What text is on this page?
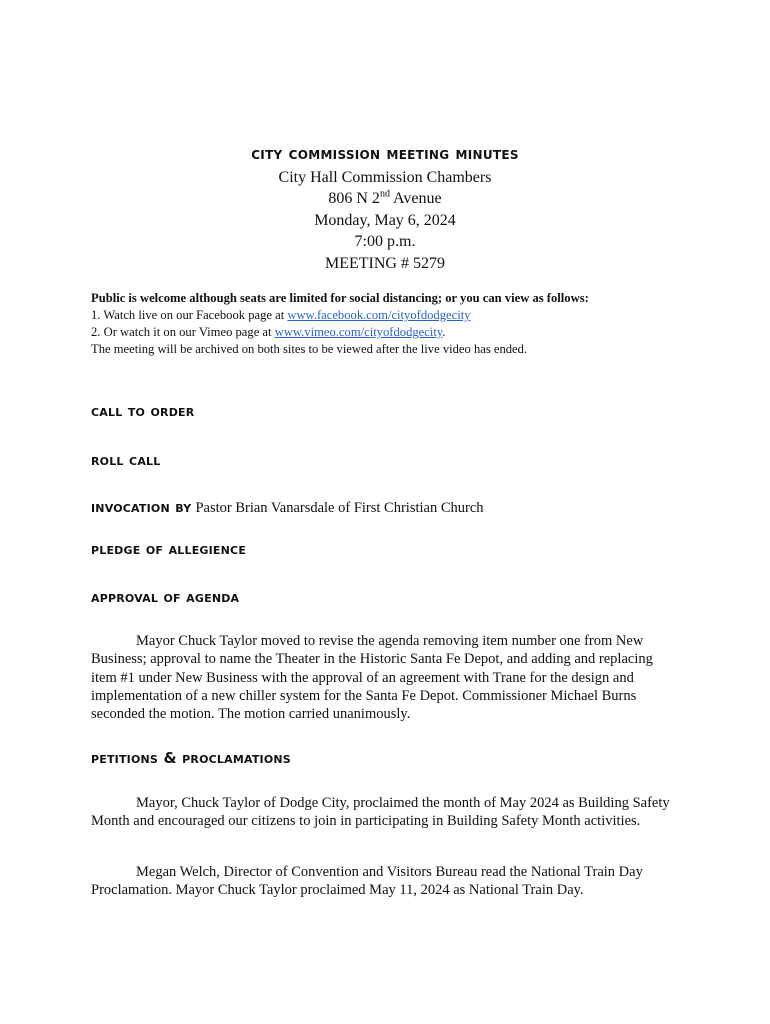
city commission meeting minutes
City Hall Commission Chambers
806 N 2nd Avenue
Monday, May 6, 2024
7:00 p.m.
MEETING # 5279
Public is welcome although seats are limited for social distancing; or you can view as follows:
1. Watch live on our Facebook page at www.facebook.com/cityofdodgecity
2. Or watch it on our Vimeo page at www.vimeo.com/cityofdodgecity.
The meeting will be archived on both sites to be viewed after the live video has ended.
call to order
roll call
invocation by Pastor Brian Vanarsdale of First Christian Church
pledge of allegience
approval of agenda
Mayor Chuck Taylor moved to revise the agenda removing item number one from New Business; approval to name the Theater in the Historic Santa Fe Depot, and adding and replacing item #1 under New Business with the approval of an agreement with Trane for the design and implementation of a new chiller system for the Santa Fe Depot. Commissioner Michael Burns seconded the motion. The motion carried unanimously.
petitions & proclamations
Mayor, Chuck Taylor of Dodge City, proclaimed the month of May 2024 as Building Safety Month and encouraged our citizens to join in participating in Building Safety Month activities.
Megan Welch, Director of Convention and Visitors Bureau read the National Train Day Proclamation. Mayor Chuck Taylor proclaimed May 11, 2024 as National Train Day.
